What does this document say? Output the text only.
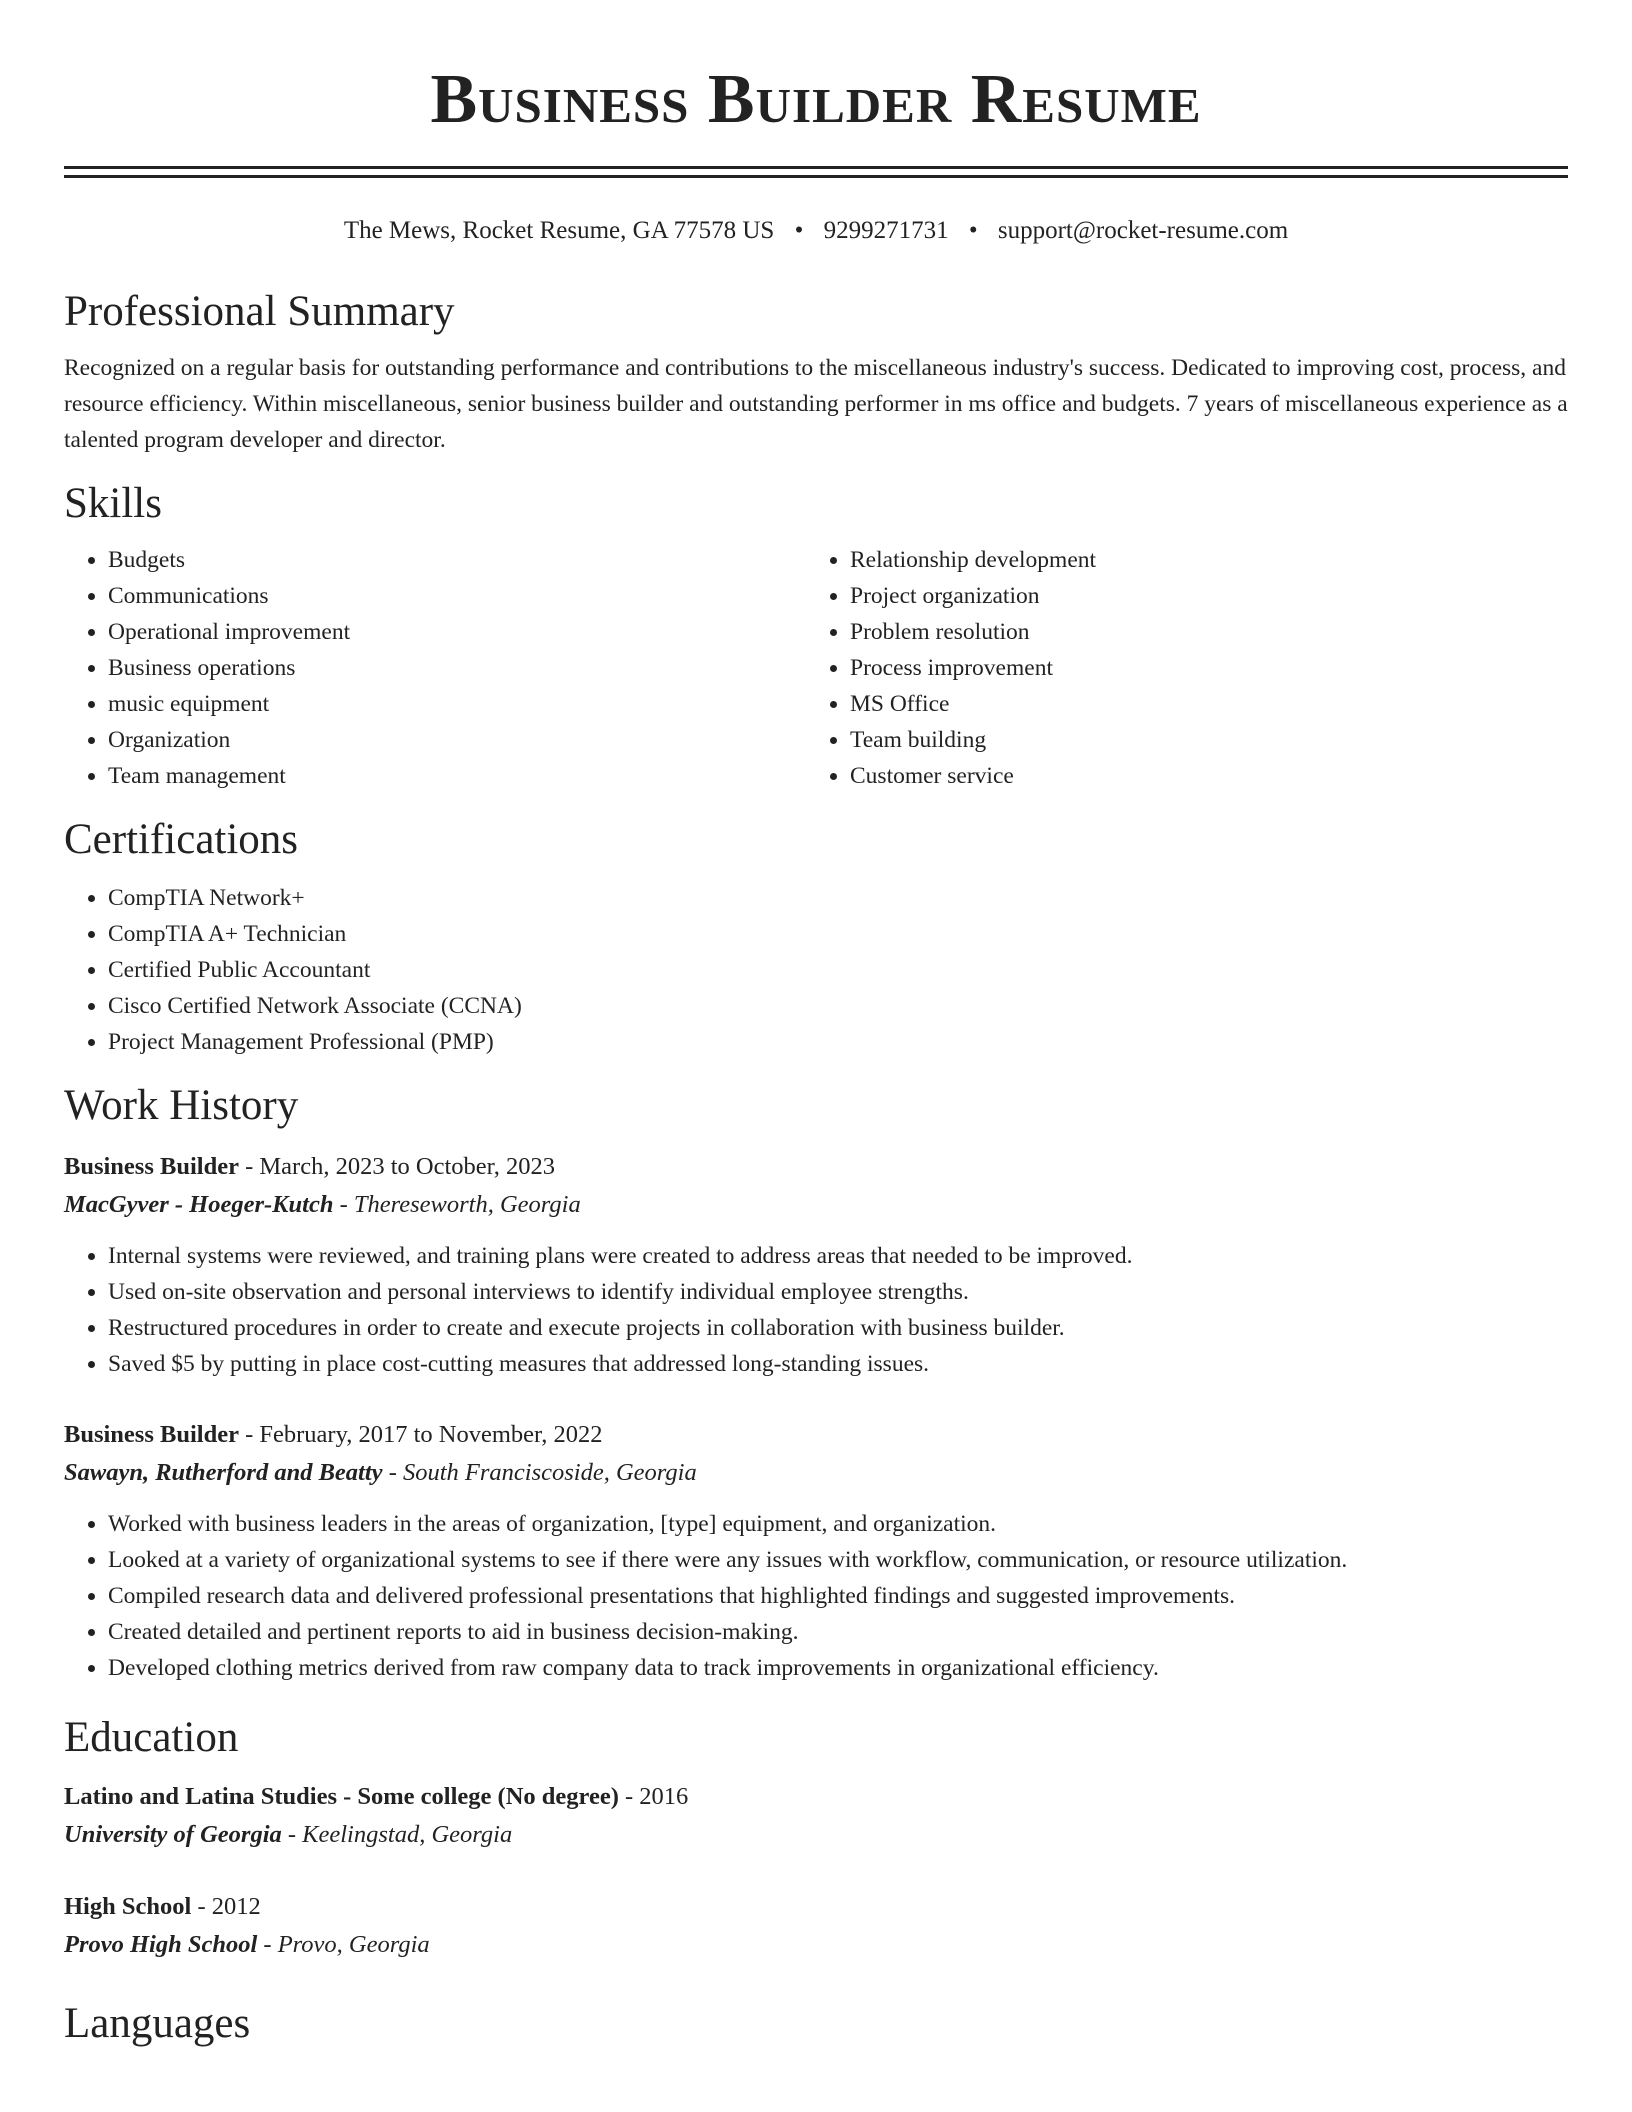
Business Builder Resume
The Mews, Rocket Resume, GA 77578 US • 9299271731 • support@rocket-resume.com
Professional Summary
Recognized on a regular basis for outstanding performance and contributions to the miscellaneous industry's success. Dedicated to improving cost, process, and resource efficiency. Within miscellaneous, senior business builder and outstanding performer in ms office and budgets. 7 years of miscellaneous experience as a talented program developer and director.
Skills
• Budgets
• Communications
• Operational improvement
• Business operations
• music equipment
• Organization
• Team management
• Relationship development
• Project organization
• Problem resolution
• Process improvement
• MS Office
• Team building
• Customer service
Certifications
• CompTIA Network+
• CompTIA A+ Technician
• Certified Public Accountant
• Cisco Certified Network Associate (CCNA)
• Project Management Professional (PMP)
Work History
Business Builder - March, 2023 to October, 2023
MacGyver - Hoeger-Kutch - Thereseworth, Georgia
• Internal systems were reviewed, and training plans were created to address areas that needed to be improved.
• Used on-site observation and personal interviews to identify individual employee strengths.
• Restructured procedures in order to create and execute projects in collaboration with business builder.
• Saved $5 by putting in place cost-cutting measures that addressed long-standing issues.
Business Builder - February, 2017 to November, 2022
Sawayn, Rutherford and Beatty - South Franciscoside, Georgia
• Worked with business leaders in the areas of organization, [type] equipment, and organization.
• Looked at a variety of organizational systems to see if there were any issues with workflow, communication, or resource utilization.
• Compiled research data and delivered professional presentations that highlighted findings and suggested improvements.
• Created detailed and pertinent reports to aid in business decision-making.
• Developed clothing metrics derived from raw company data to track improvements in organizational efficiency.
Education
Latino and Latina Studies - Some college (No degree) - 2016
University of Georgia - Keelingstad, Georgia
High School - 2012
Provo High School - Provo, Georgia
Languages
